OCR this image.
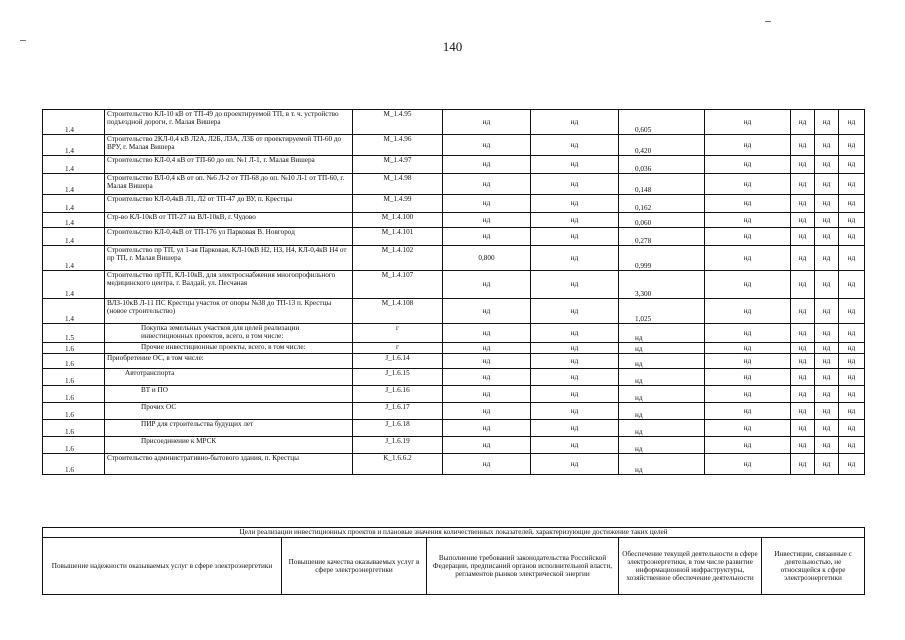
140
1.4	Строительство КЛ-10 кВ от ТП-49 до проектируемой ТП, в т. ч. устройство подъездной дороги, г. Малая Вишера	M_1.4.95	нд	нд	0,605	нд	нд	нд	нд
1.4	Строительство 2КЛ-0,4 кВ Л2А, Л2Б, Л3А, Л3Б от проектируемой ТП-60 до ВРУ, г. Малая Вишера	M_1.4.96	нд	нд	0,420	нд	нд	нд	нд
1.4	Строительство КЛ-0,4 кВ от ТП-60 до оп. №1 Л-1, г. Малая Вишера	M_1.4.97	нд	нд	0,036	нд	нд	нд	нд
1.4	Строительство ВЛ-0,4 кВ от оп. №6 Л-2 от ТП-68 до оп. №10 Л-1 от ТП-60, г. Малая Вишера	M_1.4.98	нд	нд	0,148	нд	нд	нд	нд
1.4	Строительство КЛ-0,4кВ Л1, Л2 от ТП-47 до ВУ, п. Крестцы	M_1.4.99	нд	нд	0,162	нд	нд	нд	нд
1.4	Стр-во КЛ-10кВ от ТП-27 на ВЛ-10кВ, г. Чудово	M_1.4.100	нд	нд	0,060	нд	нд	нд	нд
1.4	Строительство КЛ-0,4кВ от ТП-176 ул Парковая В. Новгород	M_1.4.101	нд	нд	0,278	нд	нд	нд	нд
1.4	Строительство пр ТП, ул 1-ая Парковая, КЛ-10кВ Н2, Н3, Н4, КЛ-0,4кВ Н4 от пр ТП, г. Малая Вишера	M_1.4.102	0,800	нд	0,999	нд	нд	нд	нд
1.4	Строительство прТП, КЛ-10кВ, для электроснабжения многопрофильного медицинского центра, г. Валдай, ул. Песчаная	M_1.4.107	нд	нд	3,300	нд	нд	нд	нд
1.4	ВЛЗ-10кВ Л-11 ПС Крестцы участок от опоры №38 до ТП-13 п. Крестцы (новое строительство)	M_1.4.108	нд	нд	1,025	нд	нд	нд	нд
1.5	Покупка земельных участков для целей реализации инвестиционных проектов, всего, в том числе:	г	нд	нд	нд	нд	нд	нд	нд
1.6	Прочие инвестиционные проекты, всего, в том числе:	г	нд	нд	нд	нд	нд	нд	нд
1.6	Приобретение ОС, в том числе:	J_1.6.14	нд	нд	нд	нд	нд	нд	нд
1.6	Автотранспорта	J_1.6.15	нд	нд	нд	нд	нд	нд	нд
1.6	ВТ и ПО	J_1.6.16	нд	нд	нд	нд	нд	нд	нд
1.6	Прочих ОС	J_1.6.17	нд	нд	нд	нд	нд	нд	нд
1.6	ПИР для строительства будущих лет	J_1.6.18	нд	нд	нд	нд	нд	нд	нд
1.6	Присоединение к МРСК	J_1.6.19	нд	нд	нд	нд	нд	нд	нд
1.6	Строительство административно-бытового здания, п. Крестцы	K_1.6.6.2	нд	нд	нд	нд	нд	нд	нд
Цели реализации инвестиционных проектов и плановые значения количественных показателей, характеризующие достижение таких целей
Повышение надежности оказываемых услуг в сфере электроэнергетики	Повышение качества оказываемых услуг в сфере электроэнергетики	Выполнение требований законодательства Российской Федерации, предписаний органов исполнительной власти, регламентов рынков электрической энергии	Обеспечение текущей деятельности в сфере электроэнергетики, в том числе развитие информационной инфраструктуры, хозяйственное обеспечение деятельности	Инвестиции, связанные с деятельностью, не относящейся к сфере электроэнергетики
